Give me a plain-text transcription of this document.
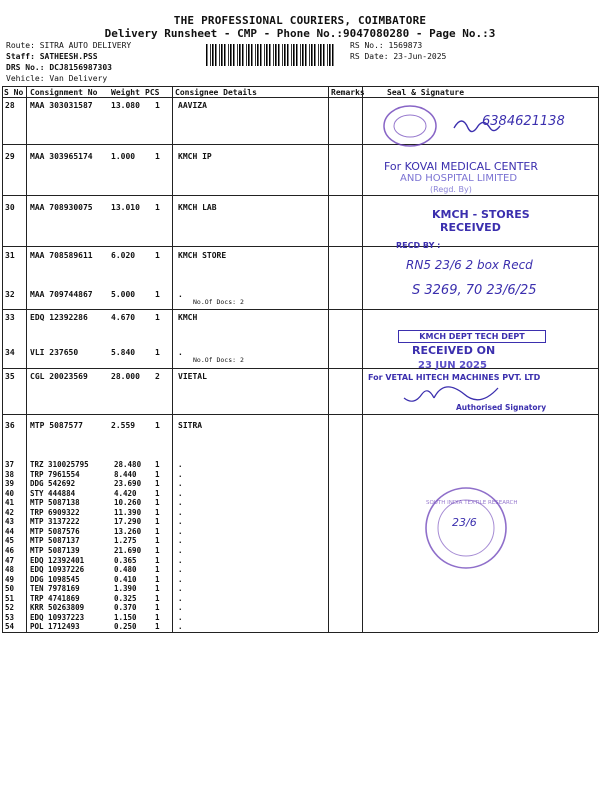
THE PROFESSIONAL COURIERS, COIMBATORE
Delivery Runsheet - CMP - Phone No.:9047080280 - Page No.:3
Route: SITRA AUTO DELIVERY
Staff: SATHEESH.PSS
DRS No.: DCJ8156987303
Vehicle: Van Delivery
RS No.: 1569873
RS Date: 23-Jun-2025
S No Consignment No Weight PCS Consignee Details	Remarks	Seal & Signature
28 MAA 303031587 13.080 1 AAVIZA
29 MAA 303965174 1.000 1 KMCH IP
30 MAA 708930075 13.010 1 KMCH LAB
31 MAA 708589611 6.020 1 KMCH STORE
32 MAA 709744867 5.000 1 .
No.Of Docs: 2
33 EDQ 12392286	4.670 1 KMCH
34 VLI 237650	5.840 1 .
No.Of Docs: 2
35 CGL 20023569	28.000 2 VIETAL
36 MTP 5087577	2.559 1 SITRA
37 TRZ 310025795	28.480 1 .
38 TRP 7961554	8.440 1 .
39 DDG 542692	23.690 1 .
40 STY 444884	4.420 1 .
41 MTP 5087138	10.260 1 .
42 TRP 6909322	11.390 1 .
43 MTP 3137222	17.290 1 .
44 MTP 5087576	13.260 1 .
45 MTP 5087137	1.275 1 .
46 MTP 5087139	21.690 1 .
47 EDQ 12392401	0.365 1 .
48 EDQ 10937226	0.480 1 .
49 DDG 1098545	0.410 1 .
50 TEN 7978169	1.390 1 .
51 TRP 4741869	0.325 1 .
52 KRR 50263809	0.370 1 .
53 EDQ 10937223	1.150 1 .
54 POL 1712493	0.250 1 .
6384621138
For KOVAI MEDICAL CENTER
AND HOSPITAL LIMITED
(Regd. By)
KMCH - STORES
RECEIVED
RECD BY :
RN5 23/6 2 box Recd
S 3269, 70 23/6/25
KMCH DEPT TECH DEPT
RECEIVED ON
23 JUN 2025
For VETAL HITECH MACHINES PVT. LTD
Authorised Signatory
23/6
SOUTH INDIA TEXTILE RESEARCH
